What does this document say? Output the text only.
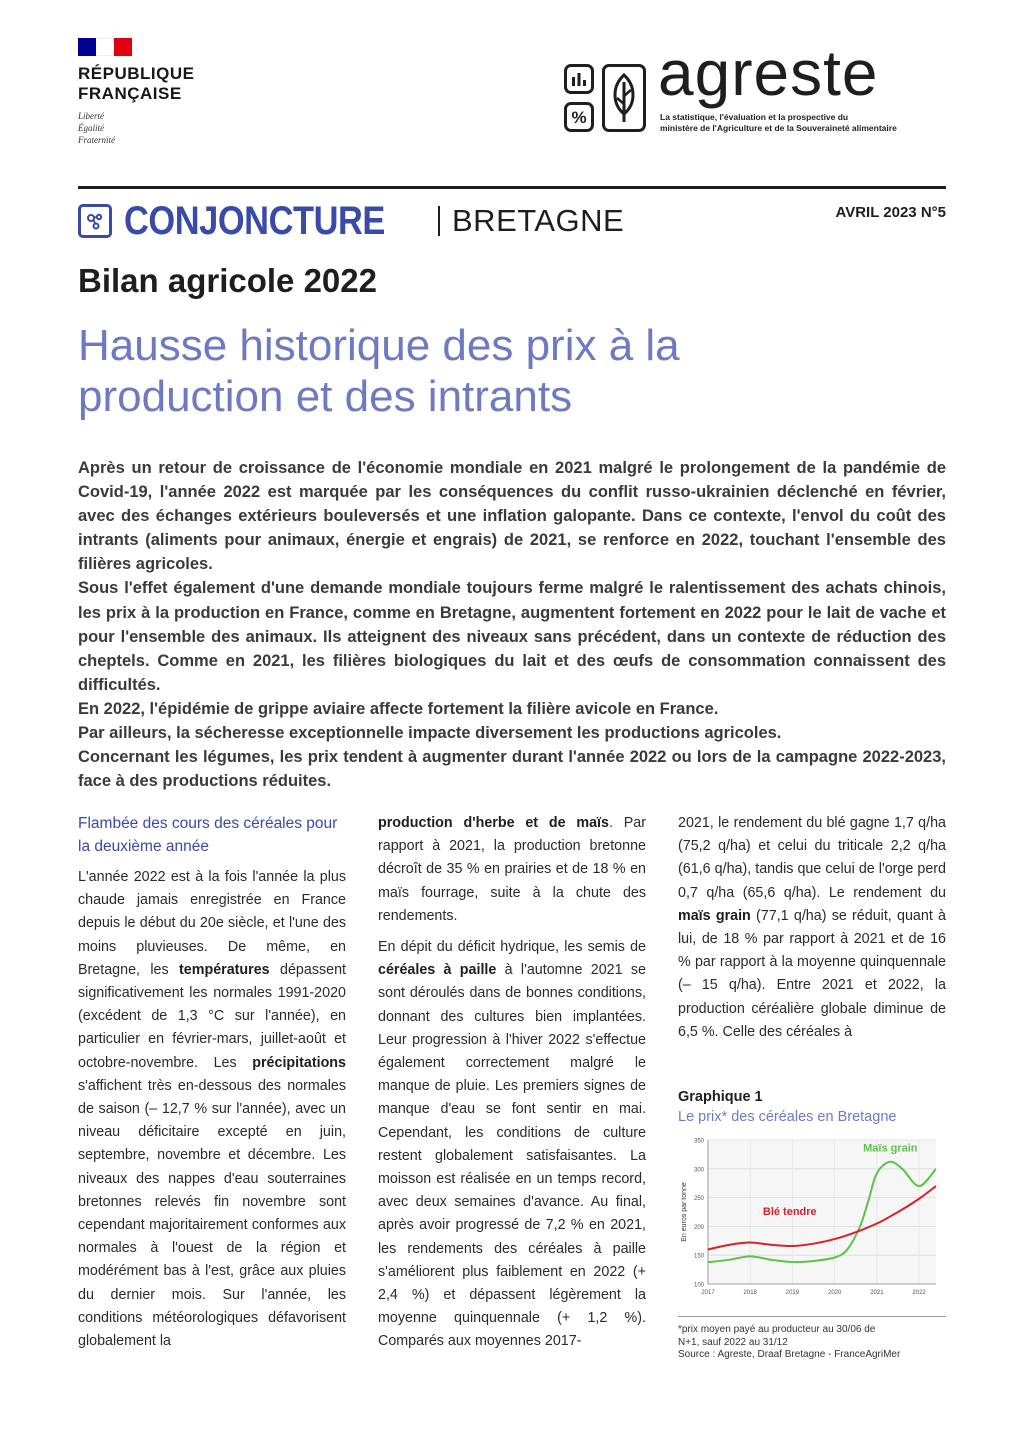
RÉPUBLIQUE
FRANÇAISE
Liberté
Égalité
Fraternité
%
agreste
La statistique, l'évaluation et la prospective du
ministère de l'Agriculture et de la Souveraineté alimentaire
CONJONCTURE BRETAGNE	AVRIL 2023 N°5
Bilan agricole 2022
Hausse historique des prix à la production et des intrants

Après un retour de croissance de l'économie mondiale en 2021 malgré le prolongement de la pandémie de Covid-19, l'année 2022 est marquée par les conséquences du conflit russo-ukrainien déclenché en février, avec des échanges extérieurs bouleversés et une inflation galopante. Dans ce contexte, l'envol du coût des intrants (aliments pour animaux, énergie et engrais) de 2021, se renforce en 2022, touchant l'ensemble des filières agricoles.

Sous l'effet également d'une demande mondiale toujours ferme malgré le ralentissement des achats chinois, les prix à la production en France, comme en Bretagne, augmentent fortement en 2022 pour le lait de vache et pour l'ensemble des animaux. Ils atteignent des niveaux sans précédent, dans un contexte de réduction des cheptels. Comme en 2021, les filières biologiques du lait et des œufs de consommation connaissent des difficultés.

En 2022, l'épidémie de grippe aviaire affecte fortement la filière avicole en France.

Par ailleurs, la sécheresse exceptionnelle impacte diversement les productions agricoles.

Concernant les légumes, les prix tendent à augmenter durant l'année 2022 ou lors de la campagne 2022-2023, face à des productions réduites.

Flambée des cours des céréales pour la deuxième année

L'année 2022 est à la fois l'année la plus chaude jamais enregistrée en France depuis le début du 20e siècle, et l'une des moins pluvieuses. De même, en Bretagne, les températures dépassent significativement les normales 1991-2020 (excédent de 1,3 °C sur l'année), en particulier en février-mars, juillet-août et octobre-novembre. Les précipitations s'affichent très en-dessous des normales de saison (– 12,7 % sur l'année), avec un niveau déficitaire excepté en juin, septembre, novembre et décembre. Les niveaux des nappes d'eau souterraines bretonnes relevés fin novembre sont cependant majoritairement conformes aux normales à l'ouest de la région et modérément bas à l'est, grâce aux pluies du dernier mois. Sur l'année, les conditions météorologiques défavorisent globalement la

production d'herbe et de maïs. Par rapport à 2021, la production bretonne décroît de 35 % en prairies et de 18 % en maïs fourrage, suite à la chute des rendements.

En dépit du déficit hydrique, les semis de céréales à paille à l'automne 2021 se sont déroulés dans de bonnes conditions, donnant des cultures bien implantées. Leur progression à l'hiver 2022 s'effectue également correctement malgré le manque de pluie. Les premiers signes de manque d'eau se font sentir en mai. Cependant, les conditions de culture restent globalement satisfaisantes. La moisson est réalisée en un temps record, avec deux semaines d'avance. Au final, après avoir progressé de 7,2 % en 2021, les rendements des céréales à paille s'améliorent plus faiblement en 2022 (+ 2,4 %) et dépassent légèrement la moyenne quinquennale (+ 1,2 %). Comparés aux moyennes 2017-

2021, le rendement du blé gagne 1,7 q/ha (75,2 q/ha) et celui du triticale 2,2 q/ha (61,6 q/ha), tandis que celui de l'orge perd 0,7 q/ha (65,6 q/ha). Le rendement du maïs grain (77,1 q/ha) se réduit, quant à lui, de 18 % par rapport à 2021 et de 16 % par rapport à la moyenne quinquennale (– 15 q/ha). Entre 2021 et 2022, la production céréalière globale diminue de 6,5 %. Celle des céréales à

Graphique 1
Le prix* des céréales en Bretagne
100
150
200
250
300
350
2017	2018	2019	2020	2021	2022
En euros par tonne
Maïs grain
Blé tendre
*prix moyen payé au producteur au 30/06 de
N+1, sauf 2022 au 31/12
Source : Agreste, Draaf Bretagne - FranceAgriMer
